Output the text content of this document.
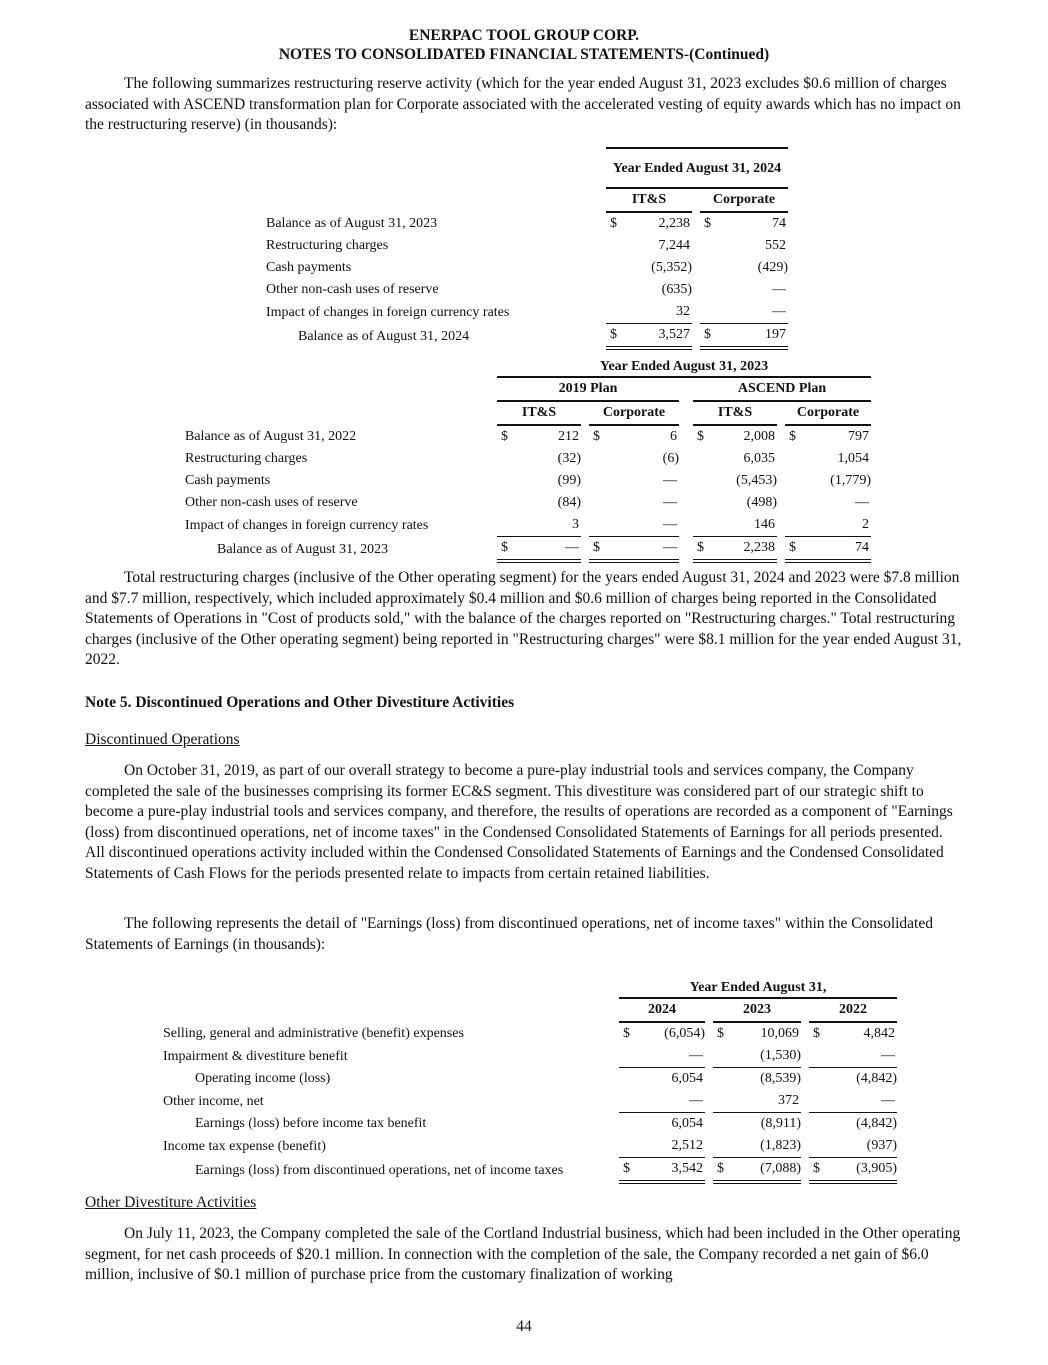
ENERPAC TOOL GROUP CORP.
NOTES TO CONSOLIDATED FINANCIAL STATEMENTS-(Continued)
The following summarizes restructuring reserve activity (which for the year ended August 31, 2023 excludes $0.6 million of charges associated with ASCEND transformation plan for Corporate associated with the accelerated vesting of equity awards which has no impact on the restructuring reserve) (in thousands):
	Year Ended August 31, 2024				
	IT&S			Corporate	
Balance as of August 31, 2023	$	2,238		$	74
Restructuring charges		7,244			552
Cash payments		(5,352)			(429)
Other non-cash uses of reserve		(635)			—
Impact of changes in foreign currency rates		32			—
Balance as of August 31, 2024	$	3,527		$	197
	Year Ended August 31, 2023										
	2019 Plan						ASCEND Plan				
	IT&S			Corporate			IT&S			Corporate	
Balance as of August 31, 2022	$	212		$	6		$	2,008		$	797
Restructuring charges		(32)			(6)			6,035			1,054
Cash payments		(99)			—			(5,453)			(1,779)
Other non-cash uses of reserve		(84)			—			(498)			—
Impact of changes in foreign currency rates		3			—			146			2
Balance as of August 31, 2023	$	—		$	—		$	2,238		$	74
Total restructuring charges (inclusive of the Other operating segment) for the years ended August 31, 2024 and 2023 were $7.8 million and $7.7 million, respectively, which included approximately $0.4 million and $0.6 million of charges being reported in the Consolidated Statements of Operations in "Cost of products sold," with the balance of the charges reported on "Restructuring charges." Total restructuring charges (inclusive of the Other operating segment) being reported in "Restructuring charges" were $8.1 million for the year ended August 31, 2022.
Note 5. Discontinued Operations and Other Divestiture Activities
Discontinued Operations
On October 31, 2019, as part of our overall strategy to become a pure-play industrial tools and services company, the Company completed the sale of the businesses comprising its former EC&S segment. This divestiture was considered part of our strategic shift to become a pure-play industrial tools and services company, and therefore, the results of operations are recorded as a component of "Earnings (loss) from discontinued operations, net of income taxes" in the Condensed Consolidated Statements of Earnings for all periods presented. All discontinued operations activity included within the Condensed Consolidated Statements of Earnings and the Condensed Consolidated Statements of Cash Flows for the periods presented relate to impacts from certain retained liabilities.
The following represents the detail of "Earnings (loss) from discontinued operations, net of income taxes" within the Consolidated Statements of Earnings (in thousands):
	Year Ended August 31,							
	2024			2023			2022	
Selling, general and administrative (benefit) expenses	$	(6,054)		$	10,069		$	4,842
Impairment & divestiture benefit		—			(1,530)			—
Operating income (loss)		6,054			(8,539)			(4,842)
Other income, net		—			372			—
Earnings (loss) before income tax benefit		6,054			(8,911)			(4,842)
Income tax expense (benefit)		2,512			(1,823)			(937)
Earnings (loss) from discontinued operations, net of income taxes	$	3,542		$	(7,088)		$	(3,905)
Other Divestiture Activities
On July 11, 2023, the Company completed the sale of the Cortland Industrial business, which had been included in the Other operating segment, for net cash proceeds of $20.1 million. In connection with the completion of the sale, the Company recorded a net gain of $6.0 million, inclusive of $0.1 million of purchase price from the customary finalization of working
44
